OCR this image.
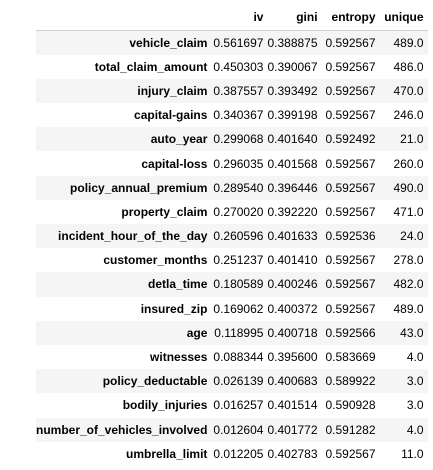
	iv	gini	entropy	unique
vehicle_claim	0.561697	0.388875	0.592567	489.0
total_claim_amount	0.450303	0.390067	0.592567	486.0
injury_claim	0.387557	0.393492	0.592567	470.0
capital-gains	0.340367	0.399198	0.592567	246.0
auto_year	0.299068	0.401640	0.592492	21.0
capital-loss	0.296035	0.401568	0.592567	260.0
policy_annual_premium	0.289540	0.396446	0.592567	490.0
property_claim	0.270020	0.392220	0.592567	471.0
incident_hour_of_the_day	0.260596	0.401633	0.592536	24.0
customer_months	0.251237	0.401410	0.592567	278.0
detla_time	0.180589	0.400246	0.592567	482.0
insured_zip	0.169062	0.400372	0.592567	489.0
age	0.118995	0.400718	0.592566	43.0
witnesses	0.088344	0.395600	0.583669	4.0
policy_deductable	0.026139	0.400683	0.589922	3.0
bodily_injuries	0.016257	0.401514	0.590928	3.0
number_of_vehicles_involved	0.012604	0.401772	0.591282	4.0
umbrella_limit	0.012205	0.402783	0.592567	11.0
